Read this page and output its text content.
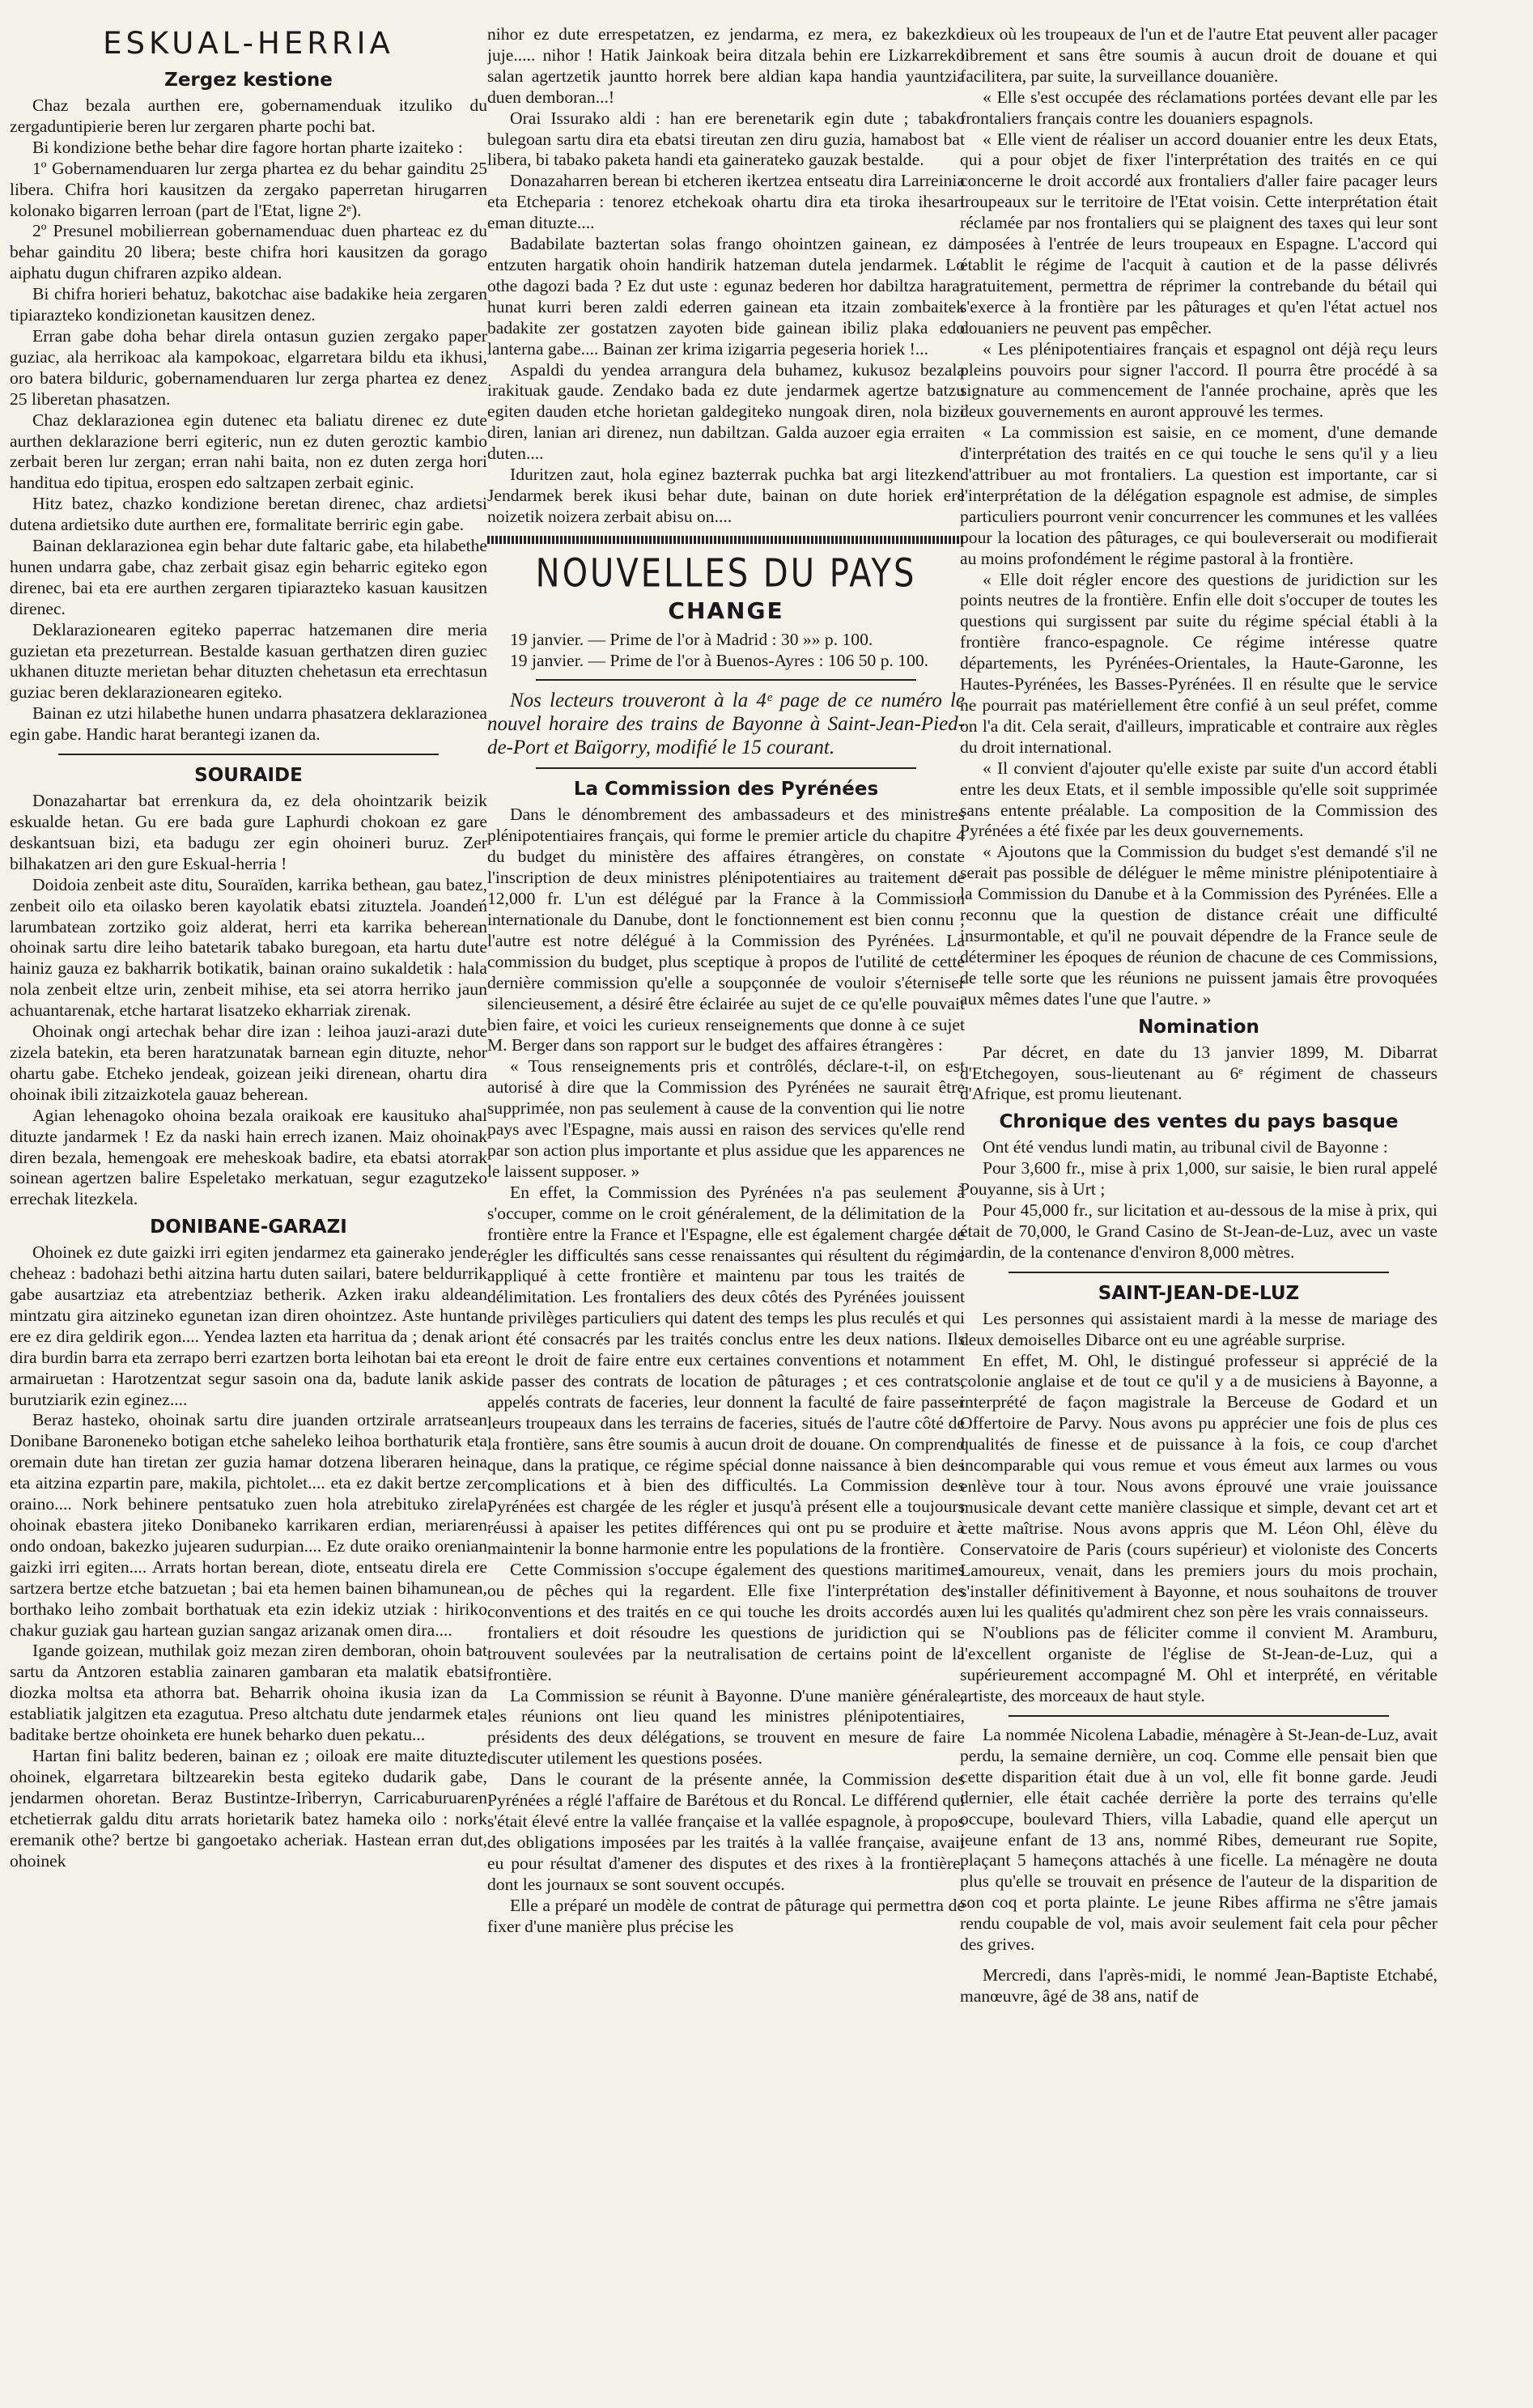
ESKUAL-HERRIA
Zergez kestione

Chaz bezala aurthen ere, gobernamenduak itzuliko du zergaduntipierie beren lur zergaren pharte pochi bat.

Bi kondizione bethe behar dire fagore hortan pharte izaiteko :

1º Gobernamenduaren lur zerga phartea ez du behar gainditu 25 libera. Chifra hori kausitzen da zergako paperretan hirugarren kolonako bigarren lerroan (part de l'Etat, ligne 2ᵉ).

2º Presunel mobilierrean gobernamenduac duen pharteac ez du behar gainditu 20 libera; beste chifra hori kausitzen da gorago aiphatu dugun chifraren azpiko aldean.

Bi chifra horieri behatuz, bakotchac aise badakike heia zergaren tipiarazteko kondizionetan kausitzen denez.

Erran gabe doha behar direla ontasun guzien zergako paper guziac, ala herrikoac ala kampokoac, elgarretara bildu eta ikhusi, oro batera bilduric, gobernamenduaren lur zerga phartea ez denez 25 liberetan phasatzen.

Chaz deklarazionea egin dutenec eta baliatu direnec ez dute aurthen deklarazione berri egiteric, nun ez duten geroztic kambio zerbait beren lur zergan; erran nahi baita, non ez duten zerga hori handitua edo tipitua, erospen edo saltzapen zerbait eginic.

Hitz batez, chazko kondizione beretan direnec, chaz ardietsi dutena ardietsiko dute aurthen ere, formalitate berriric egin gabe.

Bainan deklarazionea egin behar dute faltaric gabe, eta hilabethe hunen undarra gabe, chaz zerbait gisaz egin beharric egiteko egon direnec, bai eta ere aurthen zergaren tipiarazteko kasuan kausitzen direnec.

Deklarazionearen egiteko paperrac hatzemanen dire meria guzietan eta prezeturrean. Bestalde kasuan gerthatzen diren guziec ukhanen dituzte merietan behar dituzten chehetasun eta errechtasun guziac beren deklarazionearen egiteko.

Bainan ez utzi hilabethe hunen undarra phasatzera deklarazionea egin gabe. Handic harat berantegi izanen da.

SOURAIDE

Donazahartar bat errenkura da, ez dela ohointzarik beizik eskualde hetan. Gu ere bada gure Laphurdi chokoan ez gare deskantsuan bizi, eta badugu zer egin ohoineri buruz. Zer bilhakatzen ari den gure Eskual-herria !

Doidoia zenbeit aste ditu, Souraïden, karrika bethean, gau batez, zenbeit oilo eta oilasko beren kayolatik ebatsi zituztela. Joandeń larumbatean zortziko goiz alderat, herri eta karrika beherean ohoinak sartu dire leiho batetarik tabako buregoan, eta hartu dute hainiz gauza ez bakharrik botikatik, bainan oraino sukaldetik : hala nola zenbeit eltze urin, zenbeit mihise, eta sei atorra herriko jaun achuantarenak, etche hartarat lisatzeko ekharriak zirenak.

Ohoinak ongi artechak behar dire izan : leihoa jauzi-arazi dute zizela batekin, eta beren haratzunatak barnean egin dituzte, nehor ohartu gabe. Etcheko jendeak, goizean jeiki direnean, ohartu dira ohoinak ibili zitzaizkotela gauaz beherean.

Agian lehenagoko ohoina bezala oraikoak ere kausituko ahal dituzte jandarmek ! Ez da naski hain errech izanen. Maiz ohoinak diren bezala, hemengoak ere meheskoak badire, eta ebatsi atorrak soinean agertzen balire Espeletako merkatuan, segur ezagutzeko errechak litezkela.

DONIBANE-GARAZI

Ohoinek ez dute gaizki irri egiten jendarmez eta gainerako jende cheheaz : badohazi bethi aitzina hartu duten sailari, batere beldurrik gabe ausartziaz eta atrebentziaz betherik. Azken iraku aldean mintzatu gira aitzineko egunetan izan diren ohointzez. Aste huntan ere ez dira geldirik egon.... Yendea lazten eta harritua da ; denak ari dira burdin barra eta zerrapo berri ezartzen borta leihotan bai eta ere armairuetan : Harotzentzat segur sasoin ona da, badute lanik aski burutziarik ezin eginez....

Beraz hasteko, ohoinak sartu dire juanden ortzirale arratsean Donibane Baroneneko botigan etche saheleko leihoa borthaturik eta oremain dute han tiretan zer guzia hamar dotzena liberaren heina eta aitzina ezpartin pare, makila, pichtolet.... eta ez dakit bertze zer oraino.... Nork behinere pentsatuko zuen hola atrebituko zirela ohoinak ebastera jiteko Donibaneko karrikaren erdian, meriaren ondo ondoan, bakezko jujearen sudurpian.... Ez dute oraiko orenian gaizki irri egiten.... Arrats hortan berean, diote, entseatu direla ere sartzera bertze etche batzuetan ; bai eta hemen bainen bihamunean, borthako leiho zombait borthatuak eta ezin idekiz utziak : hiriko chakur guziak gau hartean guzian sangaz arizanak omen dira....

Igande goizean, muthilak goiz mezan ziren demboran, ohoin bat sartu da Antzoren establia zainaren gambaran eta malatik ebatsi diozka moltsa eta athorra bat. Beharrik ohoina ikusia izan da establiatik jalgitzen eta ezagutua. Preso altchatu dute jendarmek eta baditake bertze ohoinketa ere hunek beharko duen pekatu...

Hartan fini balitz bederen, bainan ez ; oiloak ere maite dituzte ohoinek, elgarretara biltzearekin besta egiteko dudarik gabe, jendarmen ohoretan. Beraz Bustintze-Irìberryn, Carricaburuaren etchetierrak galdu ditu arrats horietarik batez hameka oilo : nork eremanik othe? bertze bi gangoetako acheriak. Hastean erran dut, ohoinek

nihor ez dute errespetatzen, ez jendarma, ez mera, ez bakezko juje..... nihor ! Hatik Jainkoak beira ditzala behin ere Lizkarreko salan agertzetik jauntto horrek bere aldian kapa handia yauntzia duen demboran...!

Orai Issurako aldi : han ere berenetarik egin dute ; tabako bulegoan sartu dira eta ebatsi tireutan zen diru guzia, hamabost bat libera, bi tabako paketa handi eta gainerateko gauzak bestalde.

Donazaharren berean bi etcheren ikertzea entseatu dira Larreinia eta Etcheparia : tenorez etchekoak ohartu dira eta tiroka ihesari eman dituzte....

Badabilate baztertan solas frango ohointzen gainean, ez da entzuten hargatik ohoin handirik hatzeman dutela jendarmek. Lo othe dagozi bada ? Ez dut uste : egunaz bederen hor dabiltza harat hunat kurri beren zaldi ederren gainean eta itzain zombaitek badakite zer gostatzen zayoten bide gainean ibiliz plaka edo lanterna gabe.... Bainan zer krima izigarria pegeseria horiek !...

Aspaldi du yendea arrangura dela buhamez, kukusoz bezala irakituak gaude. Zendako bada ez dute jendarmek agertze batzu egiten dauden etche horietan galdegiteko nungoak diren, nola bizi diren, lanian ari direnez, nun dabiltzan. Galda auzoer egia erraiten duten....

Iduritzen zaut, hola eginez bazterrak puchka bat argi litezken. Jendarmek berek ikusi behar dute, bainan on dute horiek ere noizetik noizera zerbait abisu on....

NOUVELLES DU PAYS
CHANGE

19 janvier. — Prime de l'or à Madrid : 30 »» p. 100.

19 janvier. — Prime de l'or à Buenos-Ayres : 106 50 p. 100.

Nos lecteurs trouveront à la 4ᵉ page de ce numéro le nouvel horaire des trains de Bayonne à Saint-Jean-Pied-de-Port et Baïgorry, modifié le 15 courant.

La Commission des Pyrénées

Dans le dénombrement des ambassadeurs et des ministres plénipotentiaires français, qui forme le premier article du chapitre 4 du budget du ministère des affaires étrangères, on constate l'inscription de deux ministres plénipotentiaires au traitement de 12,000 fr. L'un est délégué par la France à la Commission internationale du Danube, dont le fonctionnement est bien connu ; l'autre est notre délégué à la Commission des Pyrénées. La commission du budget, plus sceptique à propos de l'utilité de cette dernière commission qu'elle a soupçonnée de vouloir s'éterniser silencieusement, a désiré être éclairée au sujet de ce qu'elle pouvait bien faire, et voici les curieux renseignements que donne à ce sujet M. Berger dans son rapport sur le budget des affaires étrangères :

« Tous renseignements pris et contrôlés, déclare-t-il, on est autorisé à dire que la Commission des Pyrénées ne saurait être supprimée, non pas seulement à cause de la convention qui lie notre pays avec l'Espagne, mais aussi en raison des services qu'elle rend par son action plus importante et plus assidue que les apparences ne le laissent supposer. »

En effet, la Commission des Pyrénées n'a pas seulement à s'occuper, comme on le croit généralement, de la délimitation de la frontière entre la France et l'Espagne, elle est également chargée de régler les difficultés sans cesse renaissantes qui résultent du régime appliqué à cette frontière et maintenu par tous les traités de délimitation. Les frontaliers des deux côtés des Pyrénées jouissent de privilèges particuliers qui datent des temps les plus reculés et qui ont été consacrés par les traités conclus entre les deux nations. Ils ont le droit de faire entre eux certaines conventions et notamment de passer des contrats de location de pâturages ; et ces contrats, appelés contrats de faceries, leur donnent la faculté de faire passer leurs troupeaux dans les terrains de faceries, situés de l'autre côté de la frontière, sans être soumis à aucun droit de douane. On comprend que, dans la pratique, ce régime spécial donne naissance à bien des complications et à bien des difficultés. La Commission des Pyrénées est chargée de les régler et jusqu'à présent elle a toujours réussi à apaiser les petites différences qui ont pu se produire et à maintenir la bonne harmonie entre les populations de la frontière.

Cette Commission s'occupe également des questions maritimes ou de pêches qui la regardent. Elle fixe l'interprétation des conventions et des traités en ce qui touche les droits accordés aux frontaliers et doit résoudre les questions de juridiction qui se trouvent soulevées par la neutralisation de certains point de la frontière.

La Commission se réunit à Bayonne. D'une manière générale, les réunions ont lieu quand les ministres plénipotentiaires, présidents des deux délégations, se trouvent en mesure de faire discuter utilement les questions posées.

Dans le courant de la présente année, la Commission des Pyrénées a réglé l'affaire de Barétous et du Roncal. Le différend qui s'était élevé entre la vallée française et la vallée espagnole, à propos des obligations imposées par les traités à la vallée française, avait eu pour résultat d'amener des disputes et des rixes à la frontière, dont les journaux se sont souvent occupés.

Elle a préparé un modèle de contrat de pâturage qui permettra de fixer d'une manière plus précise les

lieux où les troupeaux de l'un et de l'autre Etat peuvent aller pacager librement et sans être soumis à aucun droit de douane et qui facilitera, par suite, la surveillance douanière.

« Elle s'est occupée des réclamations portées devant elle par les frontaliers français contre les douaniers espagnols.

« Elle vient de réaliser un accord douanier entre les deux Etats, qui a pour objet de fixer l'interprétation des traités en ce qui concerne le droit accordé aux frontaliers d'aller faire pacager leurs troupeaux sur le territoire de l'Etat voisin. Cette interprétation était réclamée par nos frontaliers qui se plaignent des taxes qui leur sont imposées à l'entrée de leurs troupeaux en Espagne. L'accord qui établit le régime de l'acquit à caution et de la passe délivrés gratuitement, permettra de réprimer la contrebande du bétail qui s'exerce à la frontière par les pâturages et qu'en l'état actuel nos douaniers ne peuvent pas empêcher.

« Les plénipotentiaires français et espagnol ont déjà reçu leurs pleins pouvoirs pour signer l'accord. Il pourra être procédé à sa signature au commencement de l'année prochaine, après que les deux gouvernements en auront approuvé les termes.

« La commission est saisie, en ce moment, d'une demande d'interprétation des traités en ce qui touche le sens qu'il y a lieu d'attribuer au mot frontaliers. La question est importante, car si l'interprétation de la délégation espagnole est admise, de simples particuliers pourront venir concurrencer les communes et les vallées pour la location des pâturages, ce qui bouleverserait ou modifierait au moins profondément le régime pastoral à la frontière.

« Elle doit régler encore des questions de juridiction sur les points neutres de la frontière. Enfin elle doit s'occuper de toutes les questions qui surgissent par suite du régime spécial établi à la frontière franco-espagnole. Ce régime intéresse quatre départements, les Pyrénées-Orientales, la Haute-Garonne, les Hautes-Pyrénées, les Basses-Pyrénées. Il en résulte que le service ne pourrait pas matériellement être confié à un seul préfet, comme on l'a dit. Cela serait, d'ailleurs, impraticable et contraire aux règles du droit international.

« Il convient d'ajouter qu'elle existe par suite d'un accord établi entre les deux Etats, et il semble impossible qu'elle soit supprimée sans entente préalable. La composition de la Commission des Pyrénées a été fixée par les deux gouvernements.

« Ajoutons que la Commission du budget s'est demandé s'il ne serait pas possible de déléguer le même ministre plénipotentiaire à la Commission du Danube et à la Commission des Pyrénées. Elle a reconnu que la question de distance créait une difficulté insurmontable, et qu'il ne pouvait dépendre de la France seule de déterminer les époques de réunion de chacune de ces Commissions, de telle sorte que les réunions ne puissent jamais être provoquées aux mêmes dates l'une que l'autre. »

Nomination

Par décret, en date du 13 janvier 1899, M. Dibarrat d'Etchegoyen, sous-lieutenant au 6ᵉ régiment de chasseurs d'Afrique, est promu lieutenant.

Chronique des ventes du pays basque

Ont été vendus lundi matin, au tribunal civil de Bayonne :

Pour 3,600 fr., mise à prix 1,000, sur saisie, le bien rural appelé Pouyanne, sis à Urt ;

Pour 45,000 fr., sur licitation et au-dessous de la mise à prix, qui était de 70,000, le Grand Casino de St-Jean-de-Luz, avec un vaste jardin, de la contenance d'environ 8,000 mètres.

SAINT-JEAN-DE-LUZ

Les personnes qui assistaient mardi à la messe de mariage des deux demoiselles Dibarce ont eu une agréable surprise.

En effet, M. Ohl, le distingué professeur si apprécié de la colonie anglaise et de tout ce qu'il y a de musiciens à Bayonne, a interprété de façon magistrale la Berceuse de Godard et un Offertoire de Parvy. Nous avons pu apprécier une fois de plus ces qualités de finesse et de puissance à la fois, ce coup d'archet incomparable qui vous remue et vous émeut aux larmes ou vous enlève tour à tour. Nous avons éprouvé une vraie jouissance musicale devant cette manière classique et simple, devant cet art et cette maîtrise. Nous avons appris que M. Léon Ohl, élève du Conservatoire de Paris (cours supérieur) et violoniste des Concerts Lamoureux, venait, dans les premiers jours du mois prochain, s'installer définitivement à Bayonne, et nous souhaitons de trouver en lui les qualités qu'admirent chez son père les vrais connaisseurs.

N'oublions pas de féliciter comme il convient M. Aramburu, l'excellent organiste de l'église de St-Jean-de-Luz, qui a supérieurement accompagné M. Ohl et interprété, en véritable artiste, des morceaux de haut style.

La nommée Nicolena Labadie, ménagère à St-Jean-de-Luz, avait perdu, la semaine dernière, un coq. Comme elle pensait bien que cette disparition était due à un vol, elle fit bonne garde. Jeudi dernier, elle était cachée derrière la porte des terrains qu'elle occupe, boulevard Thiers, villa Labadie, quand elle aperçut un jeune enfant de 13 ans, nommé Ribes, demeurant rue Sopite, plaçant 5 hameçons attachés à une ficelle. La ménagère ne douta plus qu'elle se trouvait en présence de l'auteur de la disparition de son coq et porta plainte. Le jeune Ribes affirma ne s'être jamais rendu coupable de vol, mais avoir seulement fait cela pour pêcher des grives.

Mercredi, dans l'après-midi, le nommé Jean-Baptiste Etchabé, manœuvre, âgé de 38 ans, natif de
